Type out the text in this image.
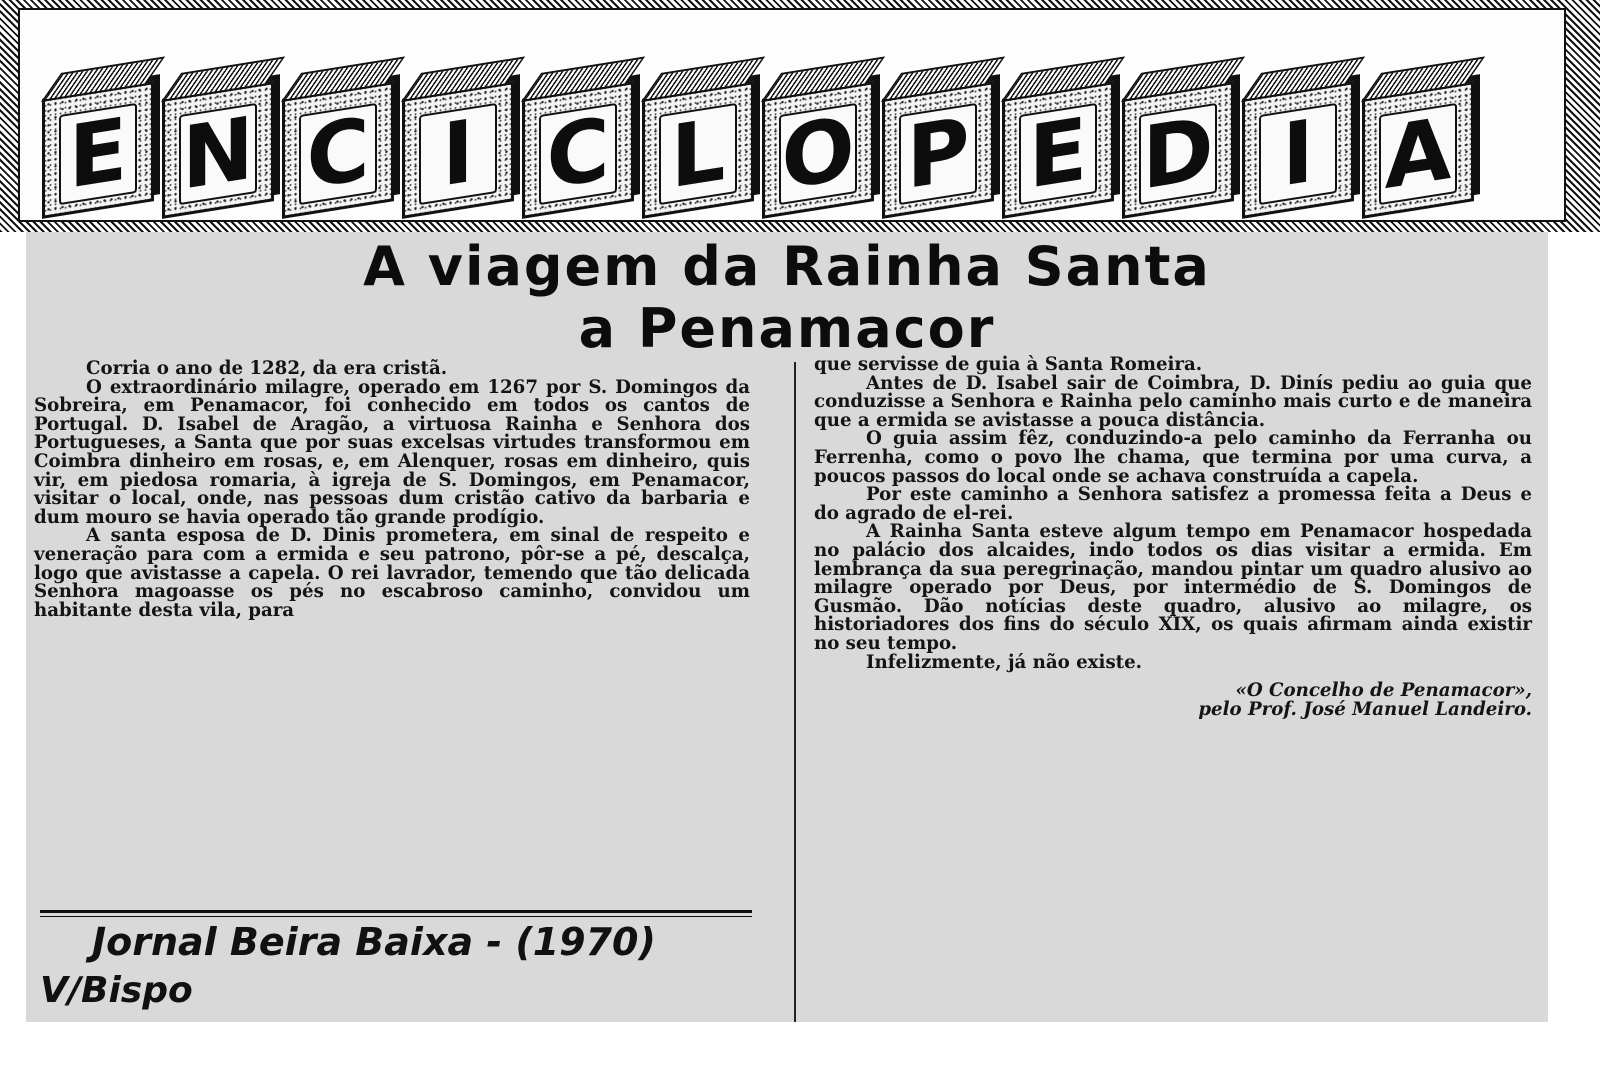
E N C I C L O P E D I A
A viagem da Rainha Santa
a Penamacor

Corria o ano de 1282, da era cristã.

O extraordinário milagre, operado em 1267 por S. Domingos da Sobreira, em Penamacor, foi conhecido em todos os cantos de Portugal. D. Isabel de Aragão, a virtuosa Rainha e Senhora dos Portugueses, a Santa que por suas excelsas virtudes transformou em Coimbra dinheiro em rosas, e, em Alenquer, rosas em dinheiro, quis vir, em piedosa romaria, à igreja de S. Domingos, em Penamacor, visitar o local, onde, nas pessoas dum cristão cativo da barbaria e dum mouro se havia operado tão grande prodígio.

A santa esposa de D. Dinis prometera, em sinal de respeito e veneração para com a ermida e seu patrono, pôr-se a pé, descalça, logo que avistasse a capela. O rei lavrador, temendo que tão delicada Senhora magoasse os pés no escabroso caminho, convidou um habitante desta vila, para

que servisse de guia à Santa Romeira.

Antes de D. Isabel sair de Coimbra, D. Dinís pediu ao guia que conduzisse a Senhora e Rainha pelo caminho mais curto e de maneira que a ermida se avistasse a pouca distância.

O guia assim fêz, conduzindo-a pelo caminho da Ferranha ou Ferrenha, como o povo lhe chama, que termina por uma curva, a poucos passos do local onde se achava construída a capela.

Por este caminho a Senhora satisfez a promessa feita a Deus e do agrado de el-rei.

A Rainha Santa esteve algum tempo em Penamacor hospedada no palácio dos alcaides, indo todos os dias visitar a ermida. Em lembrança da sua peregrinação, mandou pintar um quadro alusivo ao milagre operado por Deus, por intermédio de S. Domingos de Gusmão. Dão notícias deste quadro, alusivo ao milagre, os historiadores dos fins do século XIX, os quais afirmam ainda existir no seu tempo.

Infelizmente, já não existe.

«O Concelho de Penamacor»,
pelo Prof. José Manuel Landeiro.

Jornal Beira Baixa - (1970)
V/Bispo
